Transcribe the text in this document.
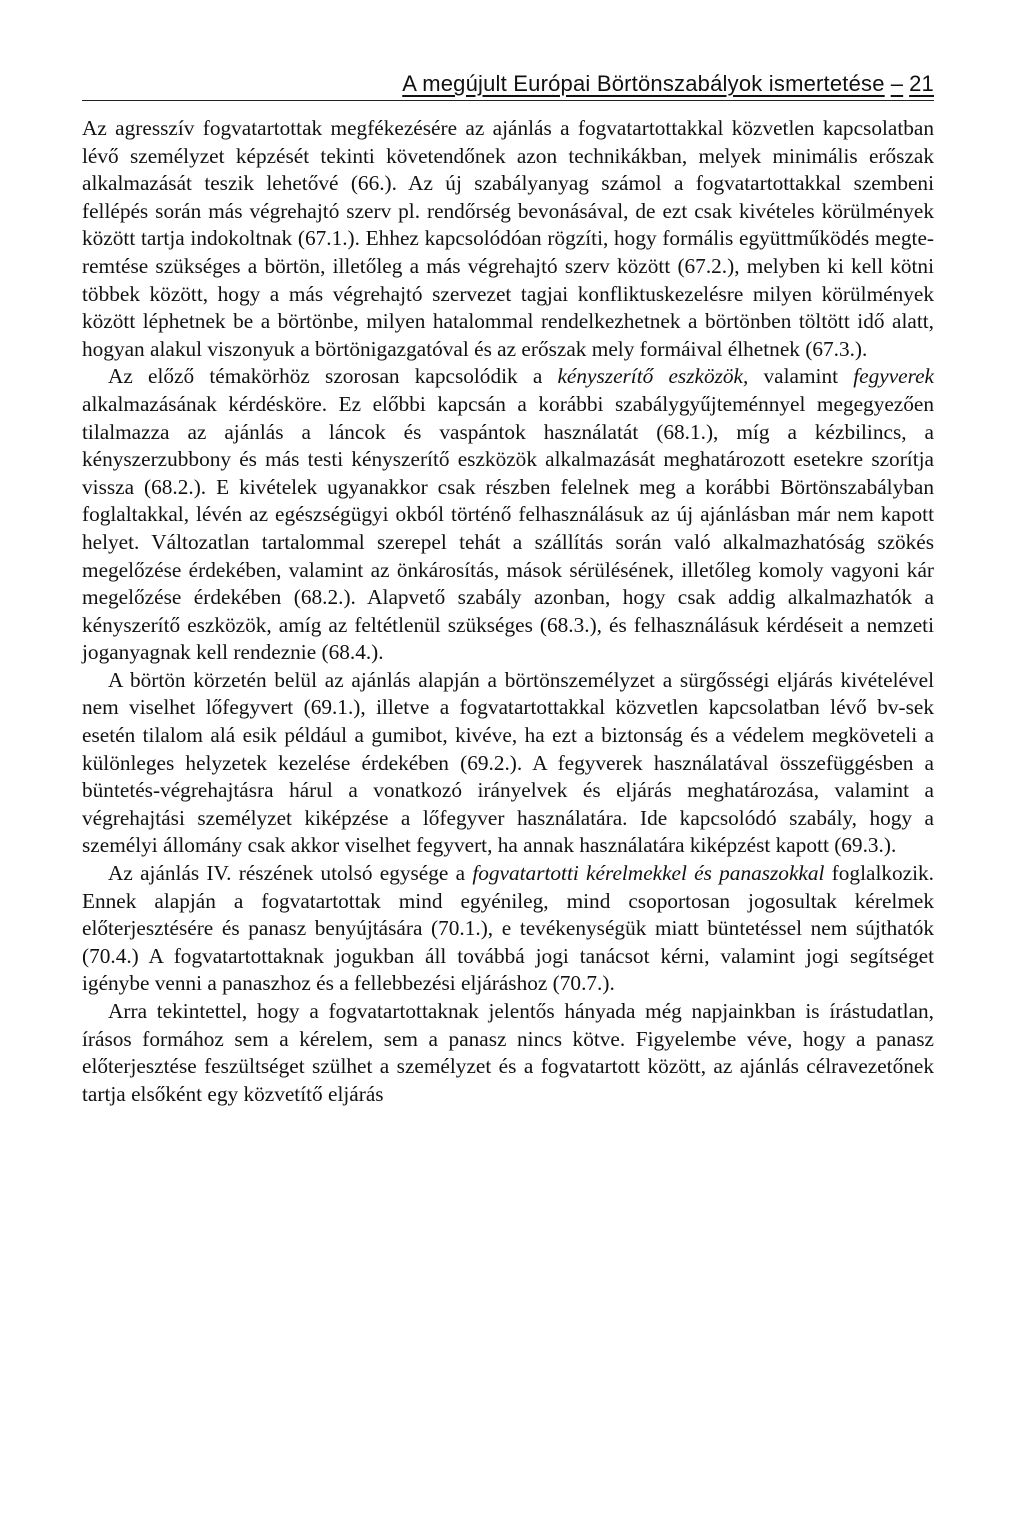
A megújult Európai Börtönszabályok ismertetése – 21

Az agresszív fogvatartottak megfékezésére az ajánlás a fogvatartottakkal közvetlen kapcsolatban lévő személyzet képzését tekinti követendőnek azon technikákban, melyek minimális erőszak alkalmazását teszik lehetővé (66.). Az új szabályanyag számol a fogvatartottakkal szembeni fellépés során más végrehajtó szerv pl. rendőrség bevonásával, de ezt csak kivételes körülmények között tartja indokoltnak (67.1.). Ehhez kapcsolódóan rögzíti, hogy formális együttműködés megteremtése szükséges a börtön, illetőleg a más végrehajtó szerv között (67.2.), melyben ki kell kötni többek között, hogy a más végrehajtó szervezet tagjai konfliktuskezelésre milyen körülmények között léphetnek be a börtönbe, milyen hatalommal rendelkezhetnek a börtönben töltött idő alatt, hogyan alakul viszonyuk a börtönigazgatóval és az erőszak mely formáival élhetnek (67.3.).

Az előző témakörhöz szorosan kapcsolódik a kényszerítő eszközök, valamint fegyverek alkalmazásának kérdésköre. Ez előbbi kapcsán a korábbi szabálygyűjteménnyel megegyezően tilalmazza az ajánlás a láncok és vaspántok használatát (68.1.), míg a kézbilincs, a kényszerzubbony és más testi kényszerítő eszközök alkalmazását meghatározott esetekre szorítja vissza (68.2.). E kivételek ugyanakkor csak részben felelnek meg a korábbi Börtönszabályban foglaltakkal, lévén az egészségügyi okból történő felhasználásuk az új ajánlásban már nem kapott helyet. Változatlan tartalommal szerepel tehát a szállítás során való alkalmazhatóság szökés megelőzése érdekében, valamint az önkárosítás, mások sérülésének, illetőleg komoly vagyoni kár megelőzése érdekében (68.2.). Alapvető szabály azonban, hogy csak addig alkalmazhatók a kényszerítő eszközök, amíg az feltétlenül szükséges (68.3.), és felhasználásuk kérdéseit a nemzeti joganyagnak kell rendeznie (68.4.).

A börtön körzetén belül az ajánlás alapján a börtönszemélyzet a sürgősségi eljárás kivételével nem viselhet lőfegyvert (69.1.), illetve a fogvatartottakkal közvetlen kapcsolatban lévő bv-sek esetén tilalom alá esik például a gumibot, kivéve, ha ezt a biztonság és a védelem megköveteli a különleges helyzetek kezelése érdekében (69.2.). A fegyverek használatával összefüggésben a büntetés-végrehajtásra hárul a vonatkozó irányelvek és eljárás meghatározása, valamint a végrehajtási személyzet kiképzése a lőfegyver használatára. Ide kapcsolódó szabály, hogy a személyi állomány csak akkor viselhet fegyvert, ha annak használatára kiképzést kapott (69.3.).

Az ajánlás IV. részének utolsó egysége a fogvatartotti kérelmekkel és panaszokkal foglalkozik. Ennek alapján a fogvatartottak mind egyénileg, mind csoportosan jogosultak kérelmek előterjesztésére és panasz benyújtására (70.1.), e tevékenységük miatt büntetéssel nem sújthatók (70.4.) A fogvatartottaknak jogukban áll továbbá jogi tanácsot kérni, valamint jogi segítséget igénybe venni a panaszhoz és a fellebbezési eljáráshoz (70.7.).

Arra tekintettel, hogy a fogvatartottaknak jelentős hányada még napjainkban is írástudatlan, írásos formához sem a kérelem, sem a panasz nincs kötve. Figyelembe véve, hogy a panasz előterjesztése feszültséget szülhet a személyzet és a fogvatartott között, az ajánlás célravezetőnek tartja elsőként egy közvetítő eljárás
